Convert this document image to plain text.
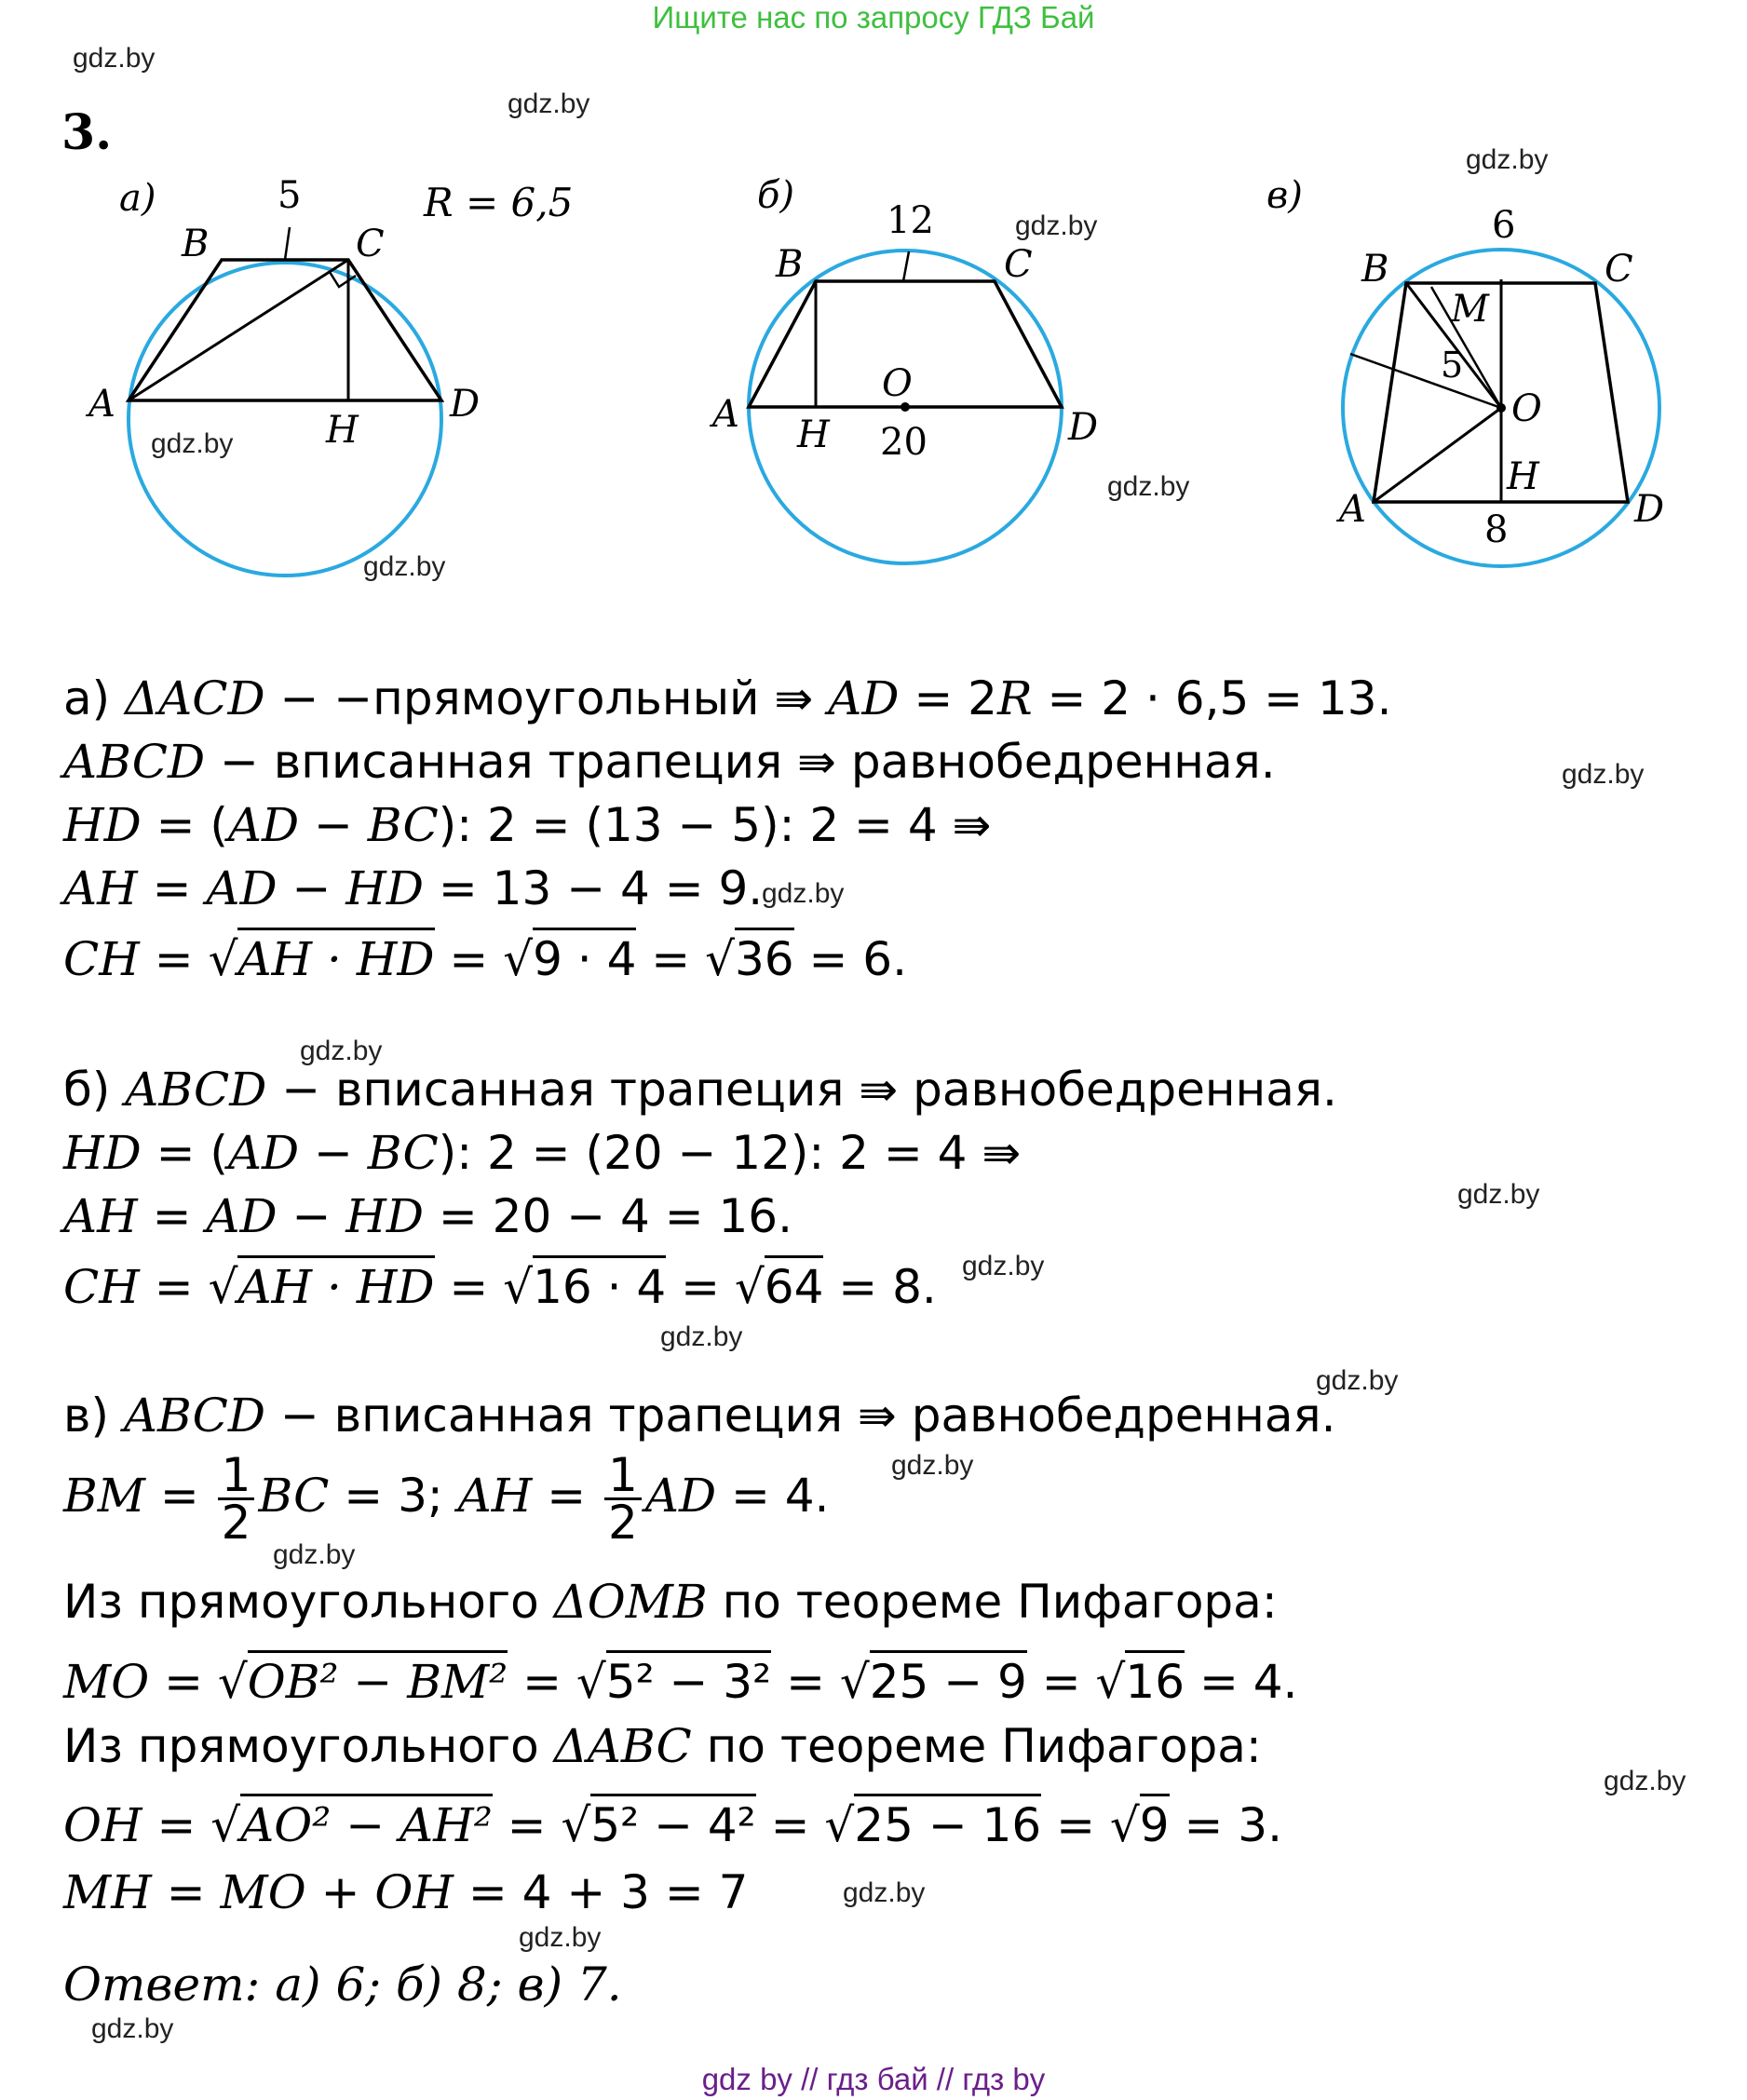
Ищите нас по запросу ГДЗ Бай
gdz.by
gdz.by
gdz.by
gdz.by
gdz.by
gdz.by
gdz.by
gdz.by
gdz.by
gdz.by
gdz.by
gdz.by
gdz.by
gdz.by
gdz.by
gdz.by
gdz.by
gdz.by
gdz.by
gdz.by
3.
а)	5	R = 6,5
A
B	C
D
H
б)
12
20
O
A
B	C
D
H
в)
6
8
5
O
A
B	C
D
H
M
а) ΔACD − −прямоугольный ⇛ AD = 2R = 2 · 6,5 = 13.
ABCD − вписанная трапеция ⇛ равнобедренная.
HD = (AD − BC): 2 = (13 − 5): 2 = 4 ⇛
AH = AD − HD = 13 − 4 = 9.
CH = √AH · HD = √9 · 4 = √36 = 6.
б) ABCD − вписанная трапеция ⇛ равнобедренная.
HD = (AD − BC): 2 = (20 − 12): 2 = 4 ⇛
AH = AD − HD = 20 − 4 = 16.
CH = √AH · HD = √16 · 4 = √64 = 8.
в) ABCD − вписанная трапеция ⇛ равнобедренная.
BM = $\frac{1}{2}$ BC = 3; AH = $\frac{1}{2}$ AD = 4.
Из прямоугольного ΔOMB по теореме Пифагора:
MO = √OB² − BM² = √5² − 3² = √25 − 9 = √16 = 4.
Из прямоугольного ΔABC по теореме Пифагора:
OH = √AO² − AH² = √5² − 4² = √25 − 16 = √9 = 3.
MH = MO + OH = 4 + 3 = 7
Ответ: а) 6; б) 8; в) 7.
gdz by // гдз бай // гдз by
